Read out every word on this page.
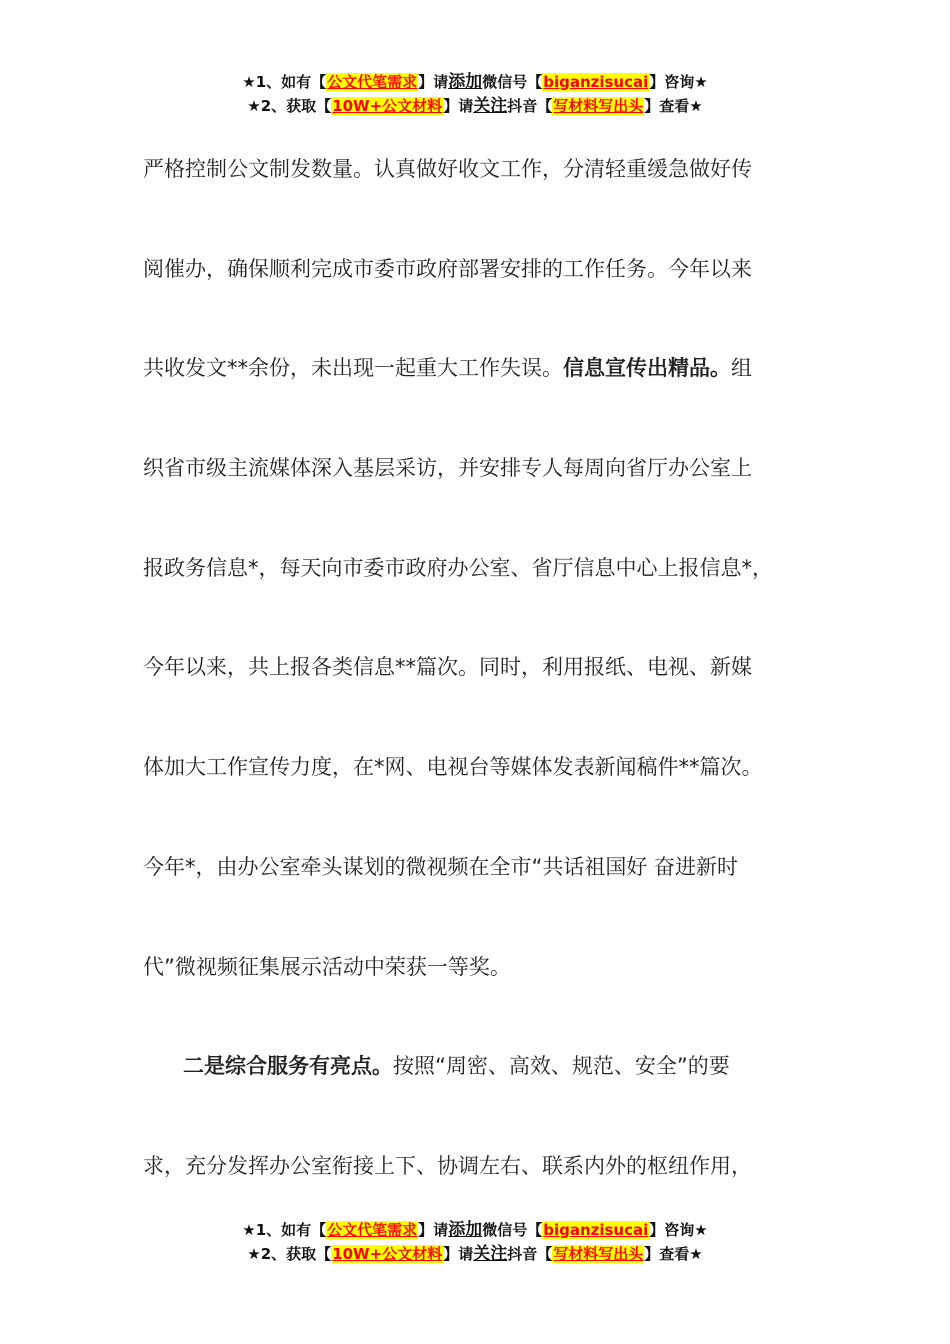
★1、如有【公文代笔需求】请添加微信号【biganzisucai】咨询★
★2、获取【10W+公文材料】请关注抖音【写材料写出头】查看★
严格控制公文制发数量。认真做好收文工作，分清轻重缓急做好传
阅催办，确保顺利完成市委市政府部署安排的工作任务。今年以来
共收发文**余份，未出现一起重大工作失误。信息宣传出精品。组
织省市级主流媒体深入基层采访，并安排专人每周向省厅办公室上
报政务信息*，每天向市委市政府办公室、省厅信息中心上报信息*，
今年以来，共上报各类信息**篇次。同时，利用报纸、电视、新媒
体加大工作宣传力度，在*网、电视台等媒体发表新闻稿件**篇次。
今年*，由办公室牵头谋划的微视频在全市“共话祖国好 奋进新时
代”微视频征集展示活动中荣获一等奖。
二是综合服务有亮点。按照“周密、高效、规范、安全”的要
求，充分发挥办公室衔接上下、协调左右、联系内外的枢纽作用，
★1、如有【公文代笔需求】请添加微信号【biganzisucai】咨询★
★2、获取【10W+公文材料】请关注抖音【写材料写出头】查看★
